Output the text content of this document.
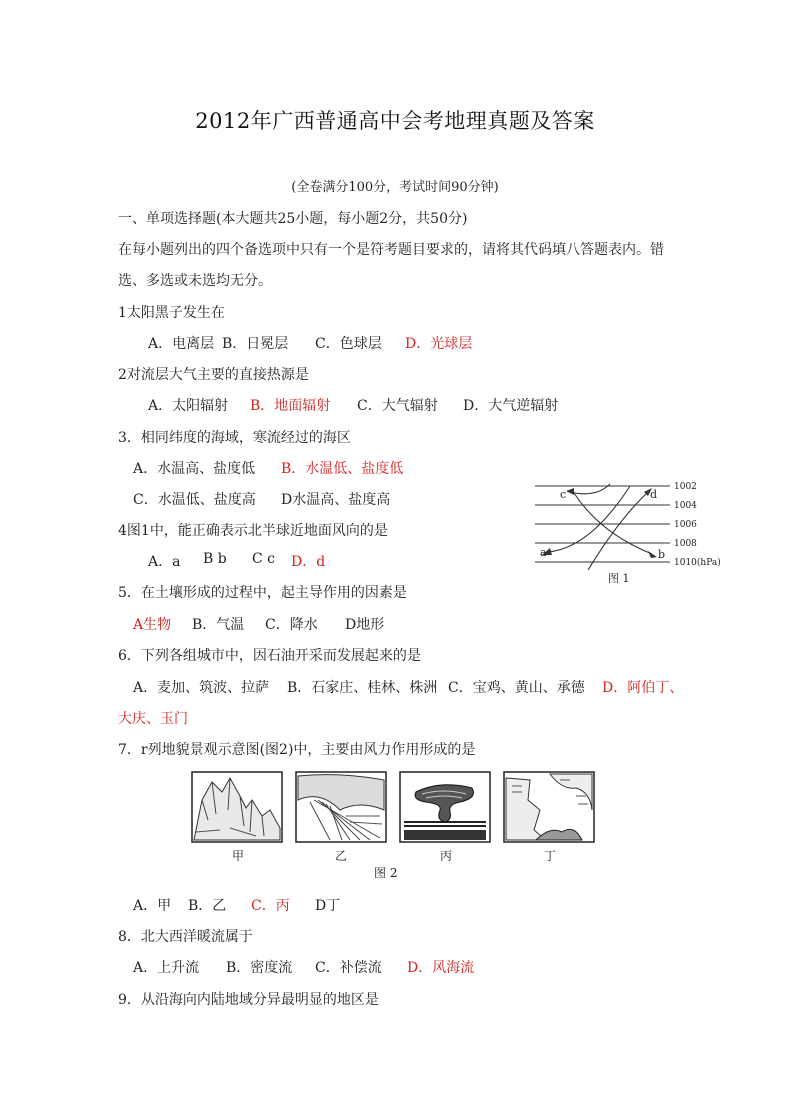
2012年广西普通高中会考地理真题及答案
(全卷满分100分，考试时间90分钟)
一、单项选择题(本大题共25小题，每小题2分，共50分)
在每小题列出的四个备选项中只有一个是符考题目要求的，请将其代码填八答题表内。错
选、多选或未选均无分。
1太阳黑子发生在
A．电离层 B．日冕层 C．色球层 D．光球层
2对流层大气主要的直接热源是
A．太阳辐射 B．地面辐射 C．大气辐射 D．大气逆辐射
3．相同纬度的海域，寒流经过的海区
A．水温高、盐度低 B．水温低、盐度低
C．水温低、盐度高 D水温高、盐度高
4图1中，能正确表示北半球近地面风向的是
A．a B b C c D．d
a	b
c	d
1002
1004
1006
1008
1010(hPa)
图 1
5．在土壤形成的过程中，起主导作用的因素是
A生物 B．气温 C．降水 D地形
6．下列各组城市中，因石油开采而发展起来的是
A．麦加、筑波、拉萨 B．石家庄、桂林、株洲 C．宝鸡、黄山、承德 D．阿伯丁、
大庆、玉门
7．r列地貌景观示意图(图2)中，主要由风力作用形成的是
甲	乙	丙	丁
图 2
A．甲 B．乙 C．丙 D丁
8．北大西洋暖流属于
A．上升流 B．密度流 C．补偿流 D．风海流
9．从沿海向内陆地域分异最明显的地区是
